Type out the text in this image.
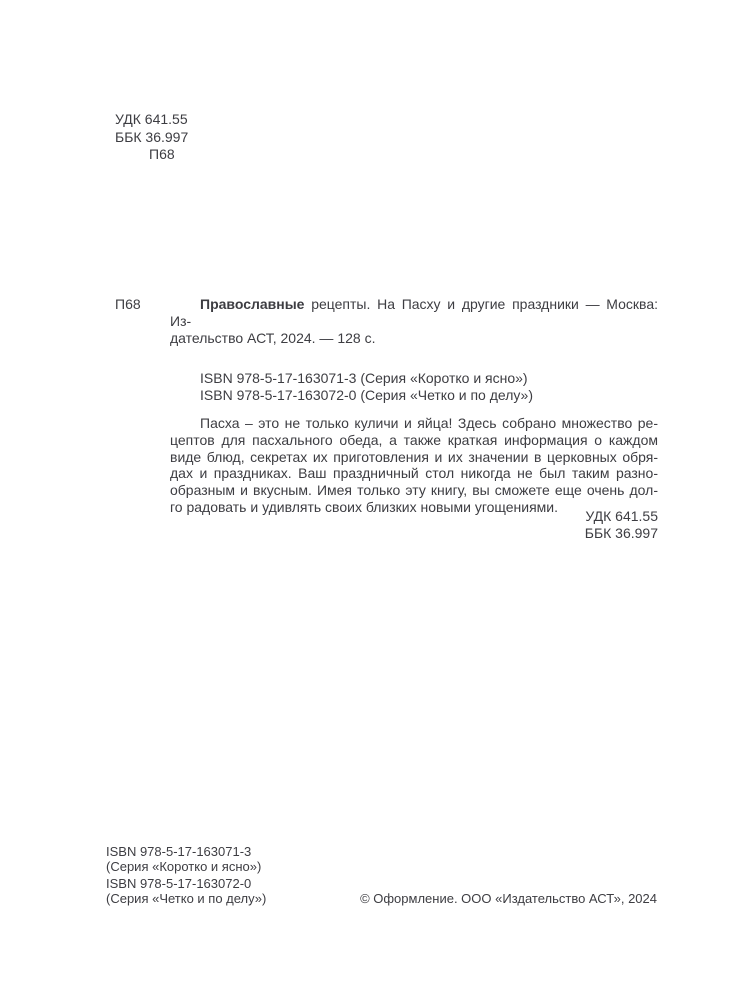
УДК 641.55
ББК 36.997
П68
П68	Православные рецепты. На Пасху и другие праздники — Москва: Из-
дательство АСТ, 2024. — 128 с.
ISBN 978-5-17-163071-3 (Серия «Коротко и ясно»)
ISBN 978-5-17-163072-0 (Серия «Четко и по делу»)
Пасха – это не только куличи и яйца! Здесь собрано множество ре-
цептов для пасхального обеда, а также краткая информация о каждом
виде блюд, секретах их приготовления и их значении в церковных обря-
дах и праздниках. Ваш праздничный стол никогда не был таким разно-
образным и вкусным. Имея только эту книгу, вы сможете еще очень дол-
го радовать и удивлять своих близких новыми угощениями.
УДК 641.55
ББК 36.997
ISBN 978-5-17-163071-3
(Серия «Коротко и ясно»)
ISBN 978-5-17-163072-0
(Серия «Четко и по делу»)	© Оформление. ООО «Издательство АСТ», 2024
